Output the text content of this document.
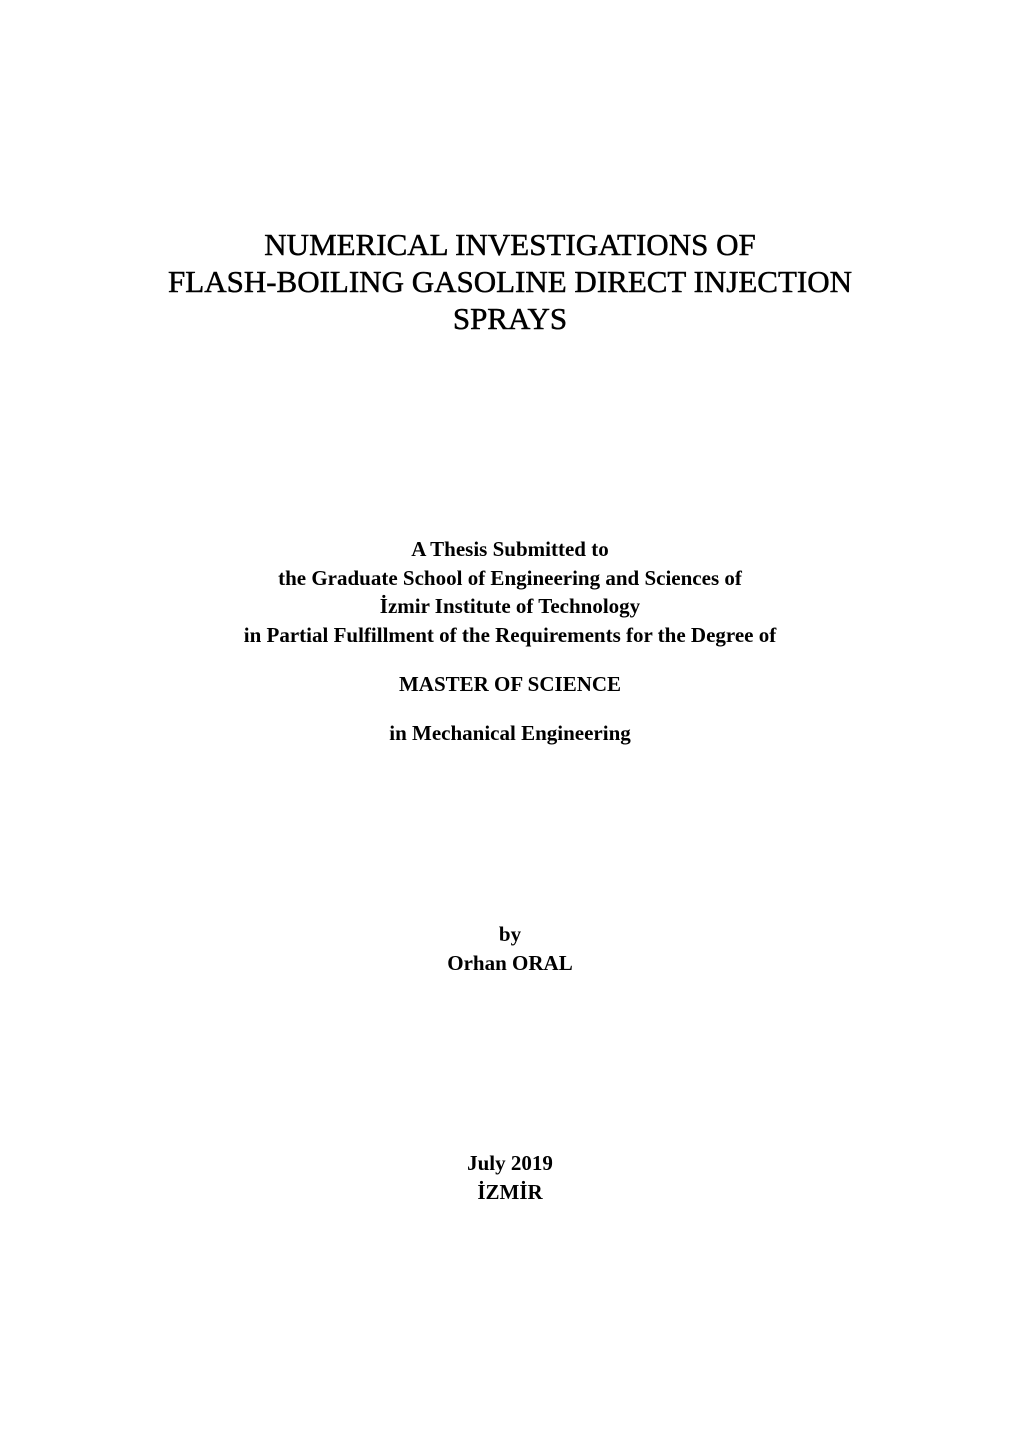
NUMERICAL INVESTIGATIONS OF
FLASH-BOILING GASOLINE DIRECT INJECTION
SPRAYS
A Thesis Submitted to
the Graduate School of Engineering and Sciences of
İzmir Institute of Technology
in Partial Fulfillment of the Requirements for the Degree of
MASTER OF SCIENCE
in Mechanical Engineering
by
Orhan ORAL
July 2019
İZMİR
